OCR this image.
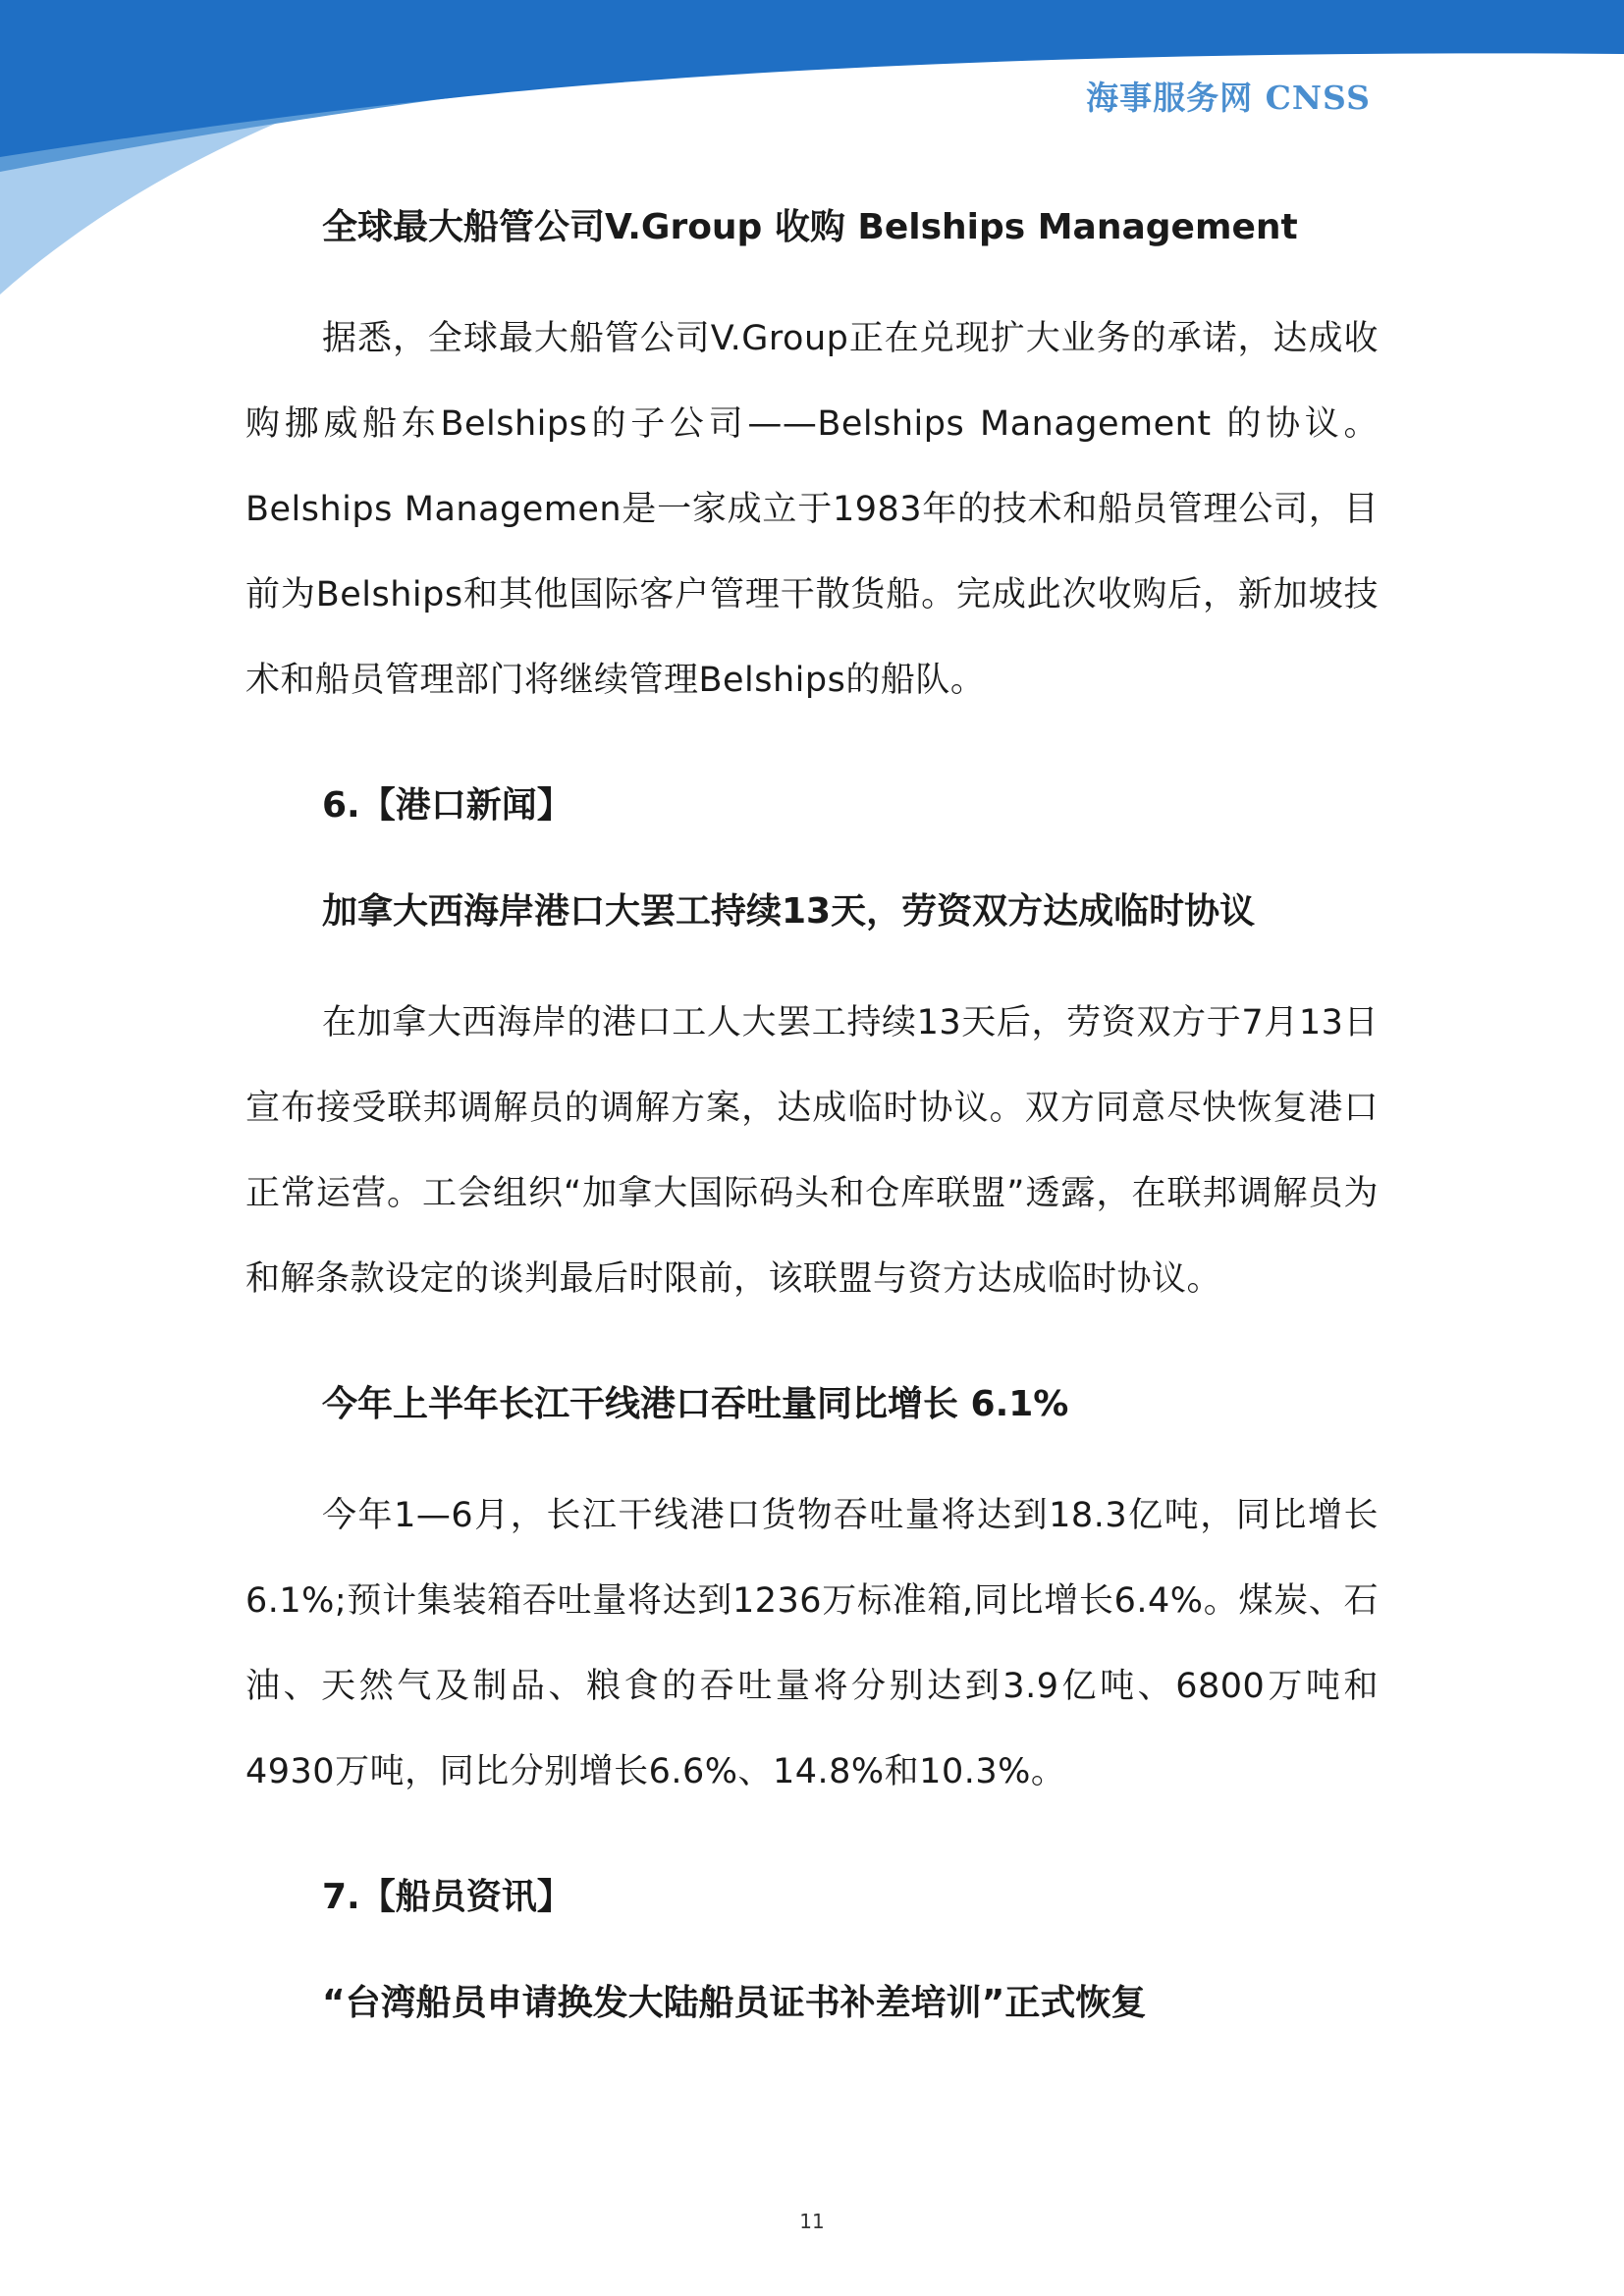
海事服务网 CNSS
全球最大船管公司V.Group 收购 Belships Management

据悉，全球最大船管公司V.Group正在兑现扩大业务的承诺，达成收购挪威船东Belships的子公司——Belships Management 的协议。Belships Managemen是一家成立于1983年的技术和船员管理公司，目前为Belships和其他国际客户管理干散货船。完成此次收购后，新加坡技术和船员管理部门将继续管理Belships的船队。

6.【港口新闻】
加拿大西海岸港口大罢工持续13天，劳资双方达成临时协议

在加拿大西海岸的港口工人大罢工持续13天后，劳资双方于7月13日宣布接受联邦调解员的调解方案，达成临时协议。双方同意尽快恢复港口正常运营。工会组织“加拿大国际码头和仓库联盟”透露，在联邦调解员为和解条款设定的谈判最后时限前，该联盟与资方达成临时协议。

今年上半年长江干线港口吞吐量同比增长 6.1%

今年1—6月，长江干线港口货物吞吐量将达到18.3亿吨，同比增长6.1%;预计集装箱吞吐量将达到1236万标准箱,同比增长6.4%。煤炭、石油、天然气及制品、粮食的吞吐量将分别达到3.9亿吨、6800万吨和4930万吨，同比分别增长6.6%、14.8%和10.3%。

7.【船员资讯】
“台湾船员申请换发大陆船员证书补差培训”正式恢复
11
